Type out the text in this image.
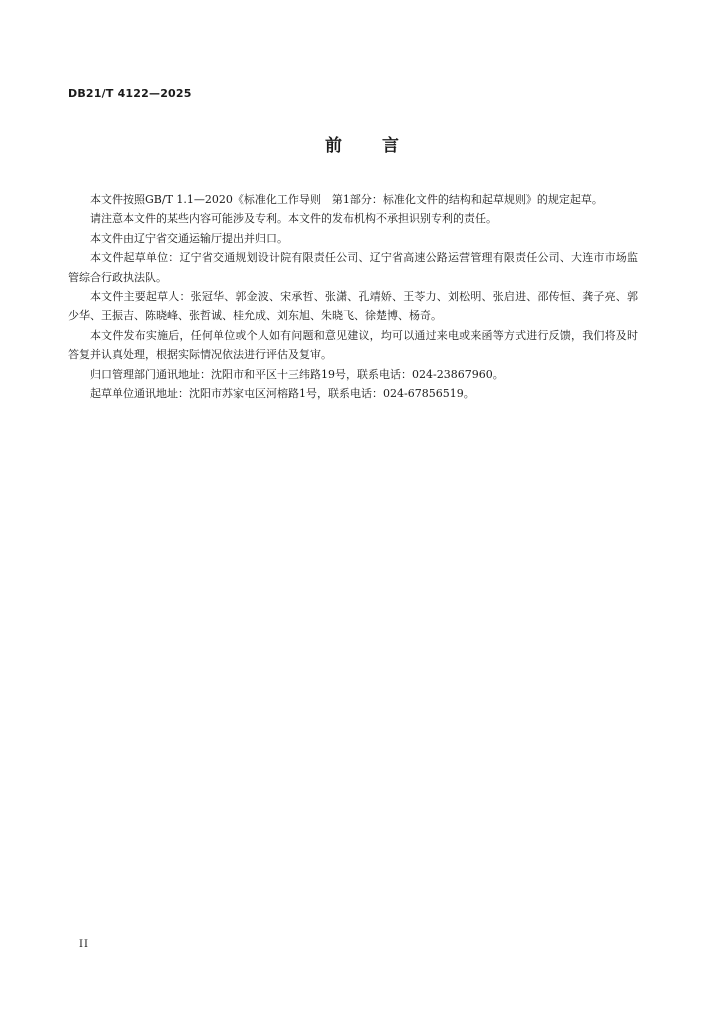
DB21/T 4122—2025
前言

本文件按照GB/T 1.1—2020《标准化工作导则　第1部分：标准化文件的结构和起草规则》的规定起草。

请注意本文件的某些内容可能涉及专利。本文件的发布机构不承担识别专利的责任。

本文件由辽宁省交通运输厅提出并归口。

本文件起草单位：辽宁省交通规划设计院有限责任公司、辽宁省高速公路运营管理有限责任公司、大连市市场监管综合行政执法队。

本文件主要起草人：张冠华、郭金波、宋承哲、张潇、孔靖娇、王苓力、刘松明、张启进、邵传恒、龚子亮、郭少华、王振吉、陈晓峰、张哲诚、桂允成、刘东旭、朱晓飞、徐楚博、杨奇。

本文件发布实施后，任何单位或个人如有问题和意见建议，均可以通过来电或来函等方式进行反馈，我们将及时答复并认真处理，根据实际情况依法进行评估及复审。

归口管理部门通讯地址：沈阳市和平区十三纬路19号，联系电话：024-23867960。

起草单位通讯地址：沈阳市苏家屯区河榕路1号，联系电话：024-67856519。

II
